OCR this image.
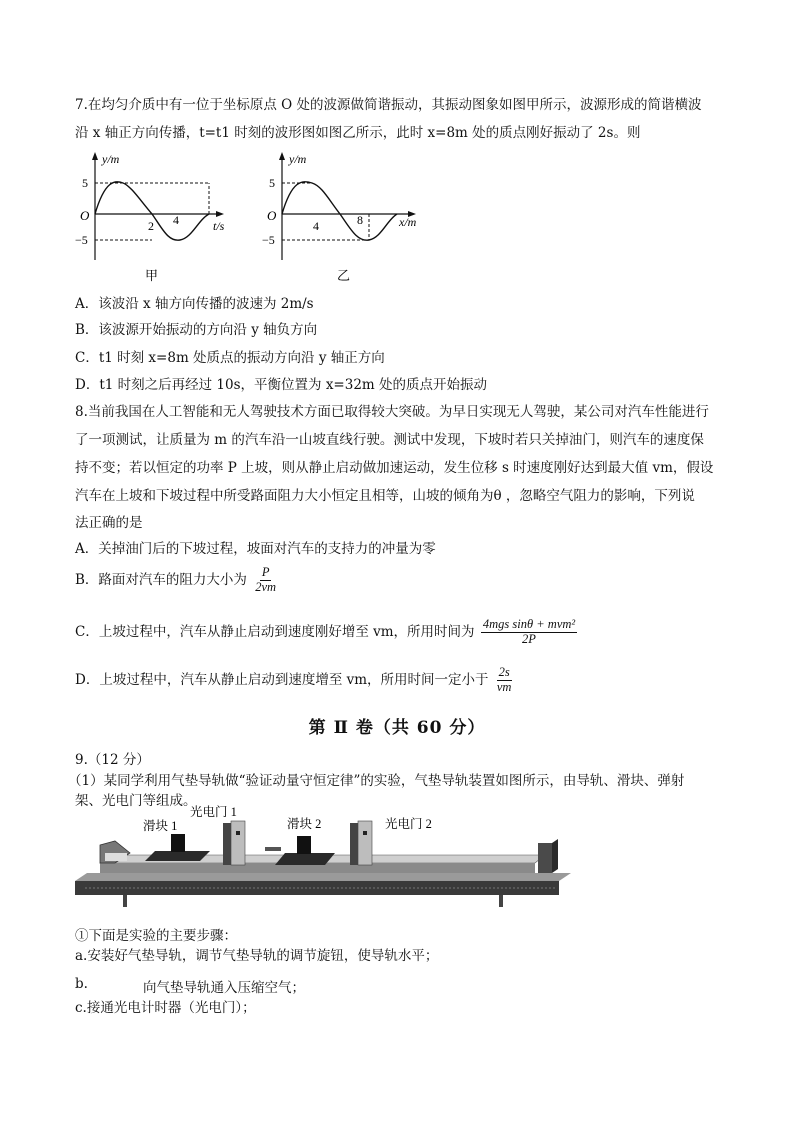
7.在均匀介质中有一位于坐标原点 O 处的波源做简谐振动，其振动图象如图甲所示，波源形成的简谐横波
沿 x 轴正方向传播，t=t1 时刻的波形图如图乙所示，此时 x=8m 处的质点刚好振动了 2s。则
y/m
O
5
−5
2 4	t/s
甲
y/m
O
5
−5
4	8	x/m
乙
A．该波沿 x 轴方向传播的波速为 2m/s
B．该波源开始振动的方向沿 y 轴负方向
C．t1 时刻 x=8m 处质点的振动方向沿 y 轴正方向
D．t1 时刻之后再经过 10s，平衡位置为 x=32m 处的质点开始振动
8.当前我国在人工智能和无人驾驶技术方面已取得较大突破。为早日实现无人驾驶，某公司对汽车性能进行
了一项测试，让质量为 m 的汽车沿一山坡直线行驶。测试中发现，下坡时若只关掉油门，则汽车的速度保
持不变；若以恒定的功率 P 上坡，则从静止启动做加速运动，发生位移 s 时速度刚好达到最大值 vm，假设
汽车在上坡和下坡过程中所受路面阻力大小恒定且相等，山坡的倾角为θ ，忽略空气阻力的影响，下列说
法正确的是
A．关掉油门后的下坡过程，坡面对汽车的支持力的冲量为零
B．路面对汽车的阻力大小为 $\frac{P}{2vm}$
C．上坡过程中，汽车从静止启动到速度刚好增至 vm，所用时间为 $\frac{\text{4mgs sinθ + mvm²}}{2P}$
D．上坡过程中，汽车从静止启动到速度增至 vm，所用时间一定小于 $\frac{2s}{vm}$
第 Ⅱ 卷（共 60 分）
9.（12 分）
（1）某同学利用气垫导轨做“验证动量守恒定律”的实验，气垫导轨装置如图所示，由导轨、滑块、弹射
架、光电门等组成。
滑块 1
光电门 1
滑块 2	光电门 2
①下面是实验的主要步骤：
a.安装好气垫导轨，调节气垫导轨的调节旋钮，使导轨水平；
b.	向气垫导轨通入压缩空气；
c.接通光电计时器（光电门）；
